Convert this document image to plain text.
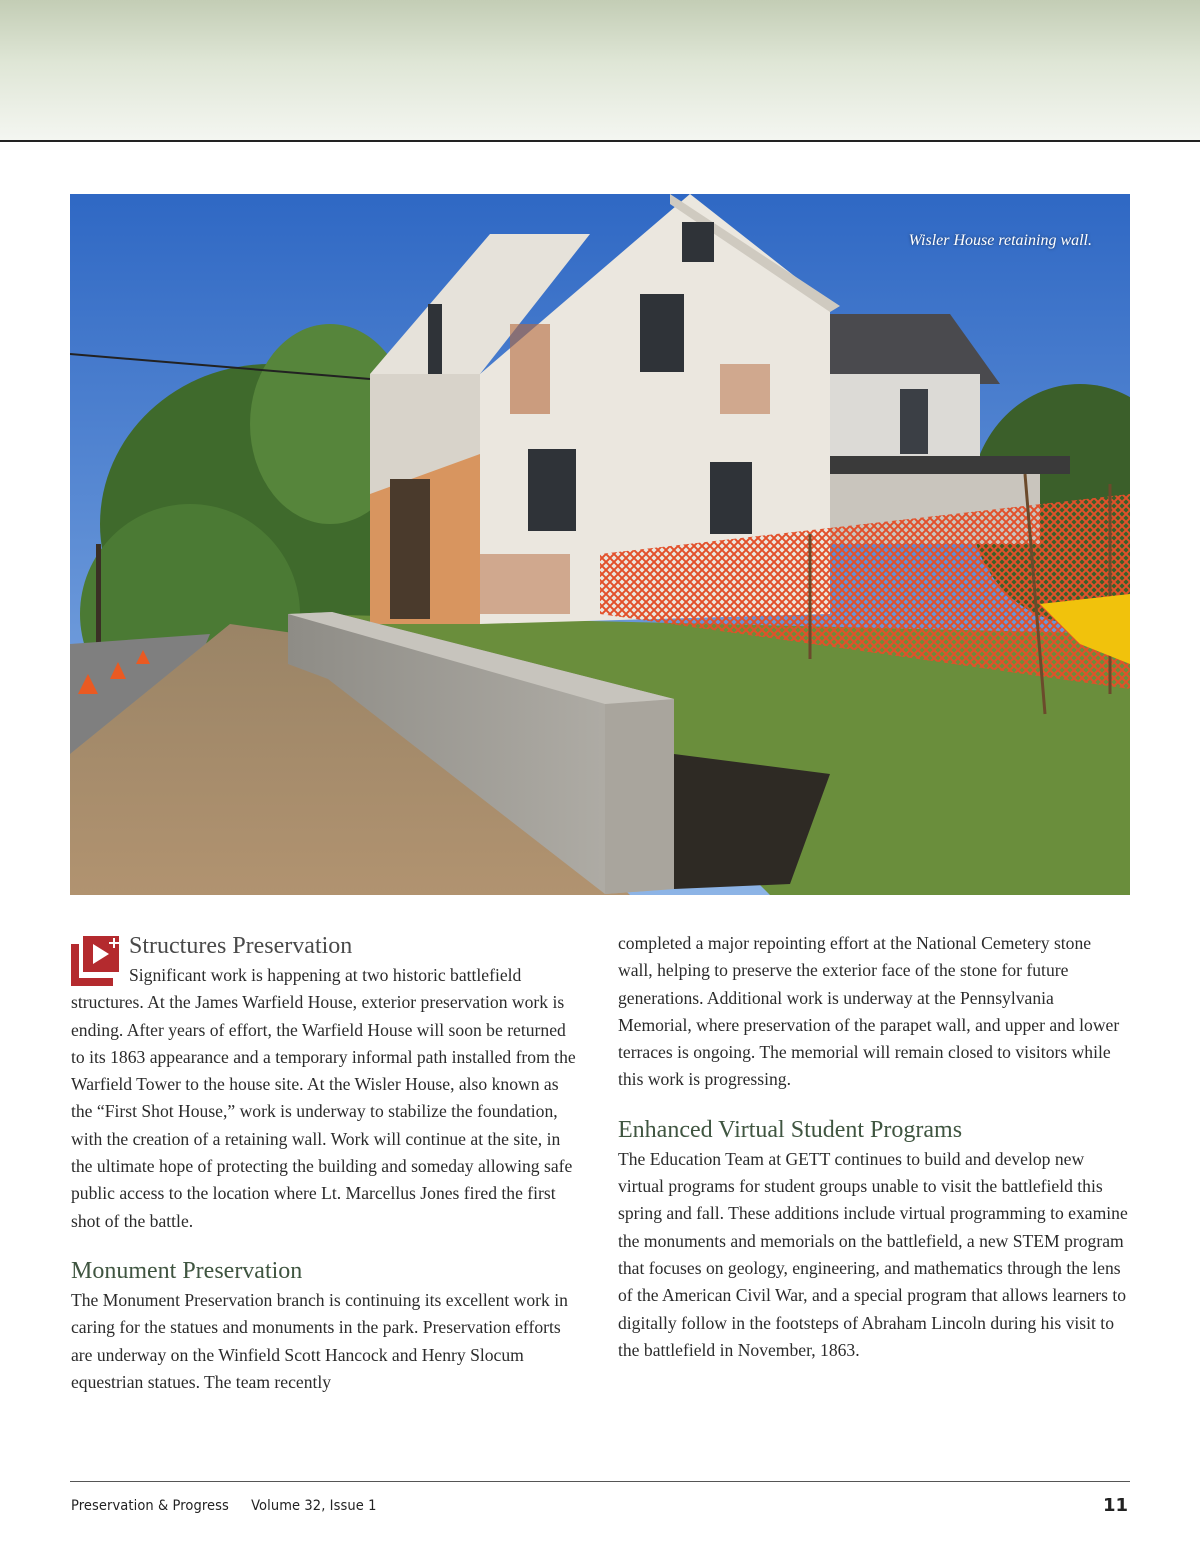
Wisler House retaining wall.
Structures Preservation

Significant work is happening at two historic battlefield structures. At the James Warfield House, exterior preservation work is ending. After years of effort, the Warfield House will soon be returned to its 1863 appearance and a temporary informal path installed from the Warfield Tower to the house site. At the Wisler House, also known as the “First Shot House,” work is underway to stabilize the foundation, with the creation of a retaining wall. Work will continue at the site, in the ultimate hope of protecting the building and someday allowing safe public access to the location where Lt. Marcellus Jones fired the first shot of the battle.

Monument Preservation

The Monument Preservation branch is continuing its excellent work in caring for the statues and monuments in the park. Preservation efforts are underway on the Winfield Scott Hancock and Henry Slocum equestrian statues. The team recently

completed a major repointing effort at the National Cemetery stone wall, helping to preserve the exterior face of the stone for future generations. Additional work is underway at the Pennsylvania Memorial, where preservation of the parapet wall, and upper and lower terraces is ongoing. The memorial will remain closed to visitors while this work is progressing.

Enhanced Virtual Student Programs

The Education Team at GETT continues to build and develop new virtual programs for student groups unable to visit the battlefield this spring and fall. These additions include virtual programming to examine the monuments and memorials on the battlefield, a new STEM program that focuses on geology, engineering, and mathematics through the lens of the American Civil War, and a special program that allows learners to digitally follow in the footsteps of Abraham Lincoln during his visit to the battlefield in November, 1863.

Preservation & Progress Volume 32, Issue 1	11
